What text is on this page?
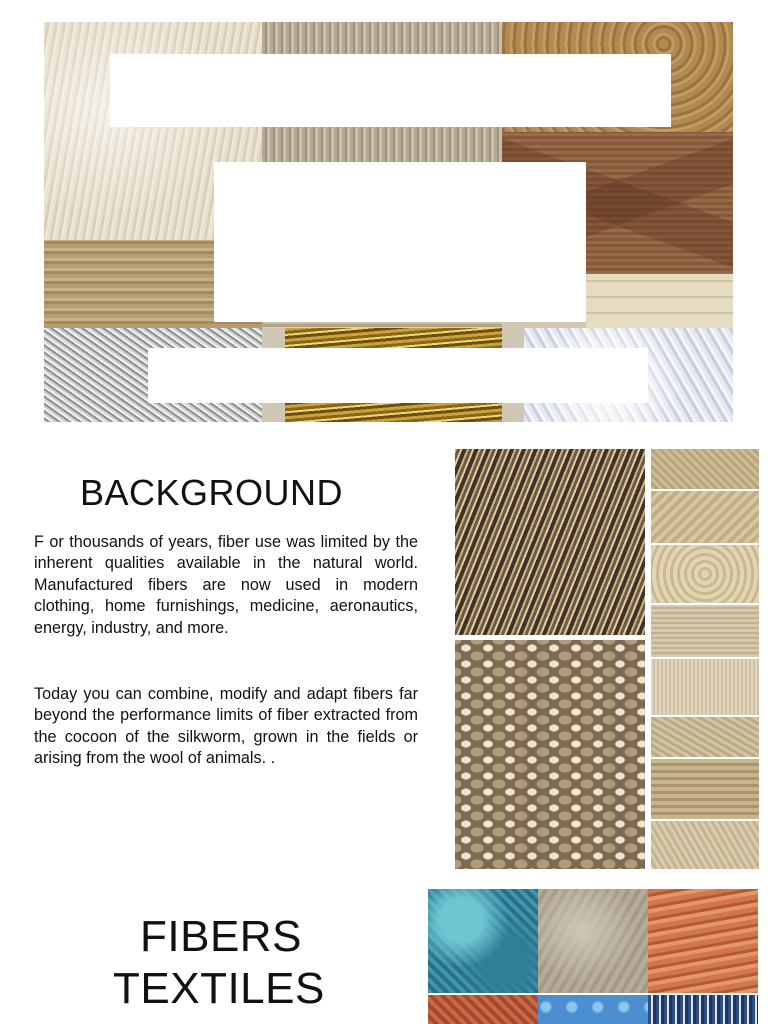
BACKGROUND

F or thousands of years, fiber use was limited by the inherent qualities available in the natural world. Manufactured fibers are now used in modern clothing, home furnishings, medicine, aeronautics, energy, industry, and more.

Today you can combine, modify and adapt fibers far beyond the performance limits of fiber extracted from the cocoon of the silkworm, grown in the fields or arising from the wool of animals. .

FIBERS
TEXTILES
